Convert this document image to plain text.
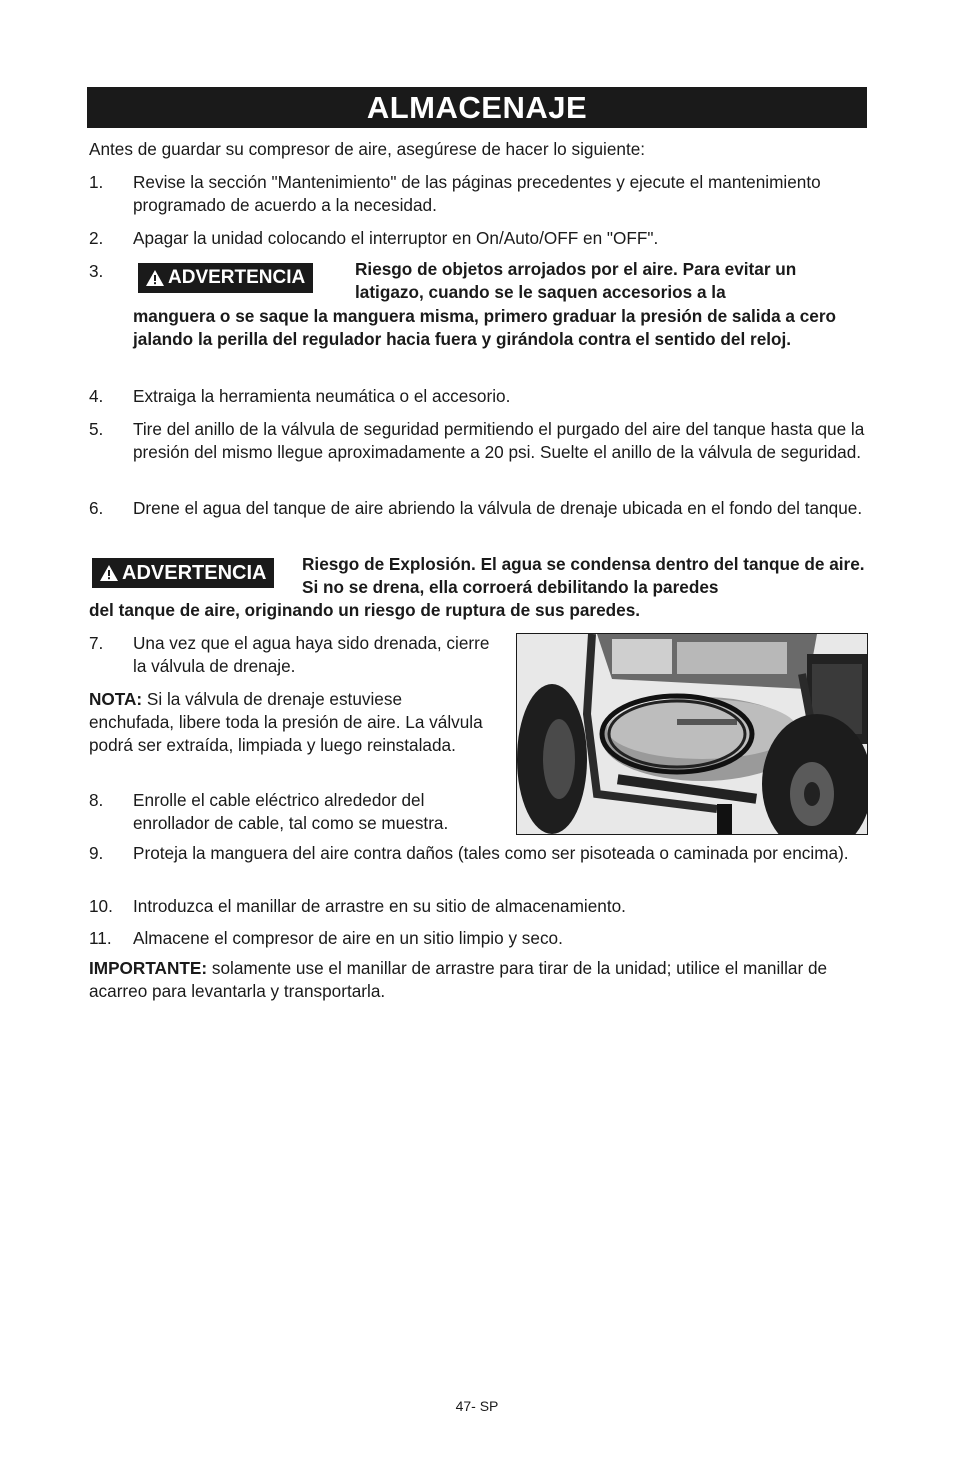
ALMACENAJE
Antes de guardar su compresor de aire, asegúrese de hacer lo siguiente:
1. Revise la sección "Mantenimiento" de las páginas precedentes y ejecute el mantenimiento programado de acuerdo a la necesidad.
2. Apagar la unidad colocando el interruptor en On/Auto/OFF en "OFF".
3.	ADVERTENCIA	Riesgo de objetos arrojados por el aire. Para evitar un latigazo, cuando se le saquen accesorios a la
manguera o se saque la manguera misma, primero graduar la presión de salida a cero jalando la perilla del regulador hacia fuera y girándola contra el sentido del reloj.
4. Extraiga la herramienta neumática o el accesorio.
5. Tire del anillo de la válvula de seguridad permitiendo el purgado del aire del tanque hasta que la presión del mismo llegue aproximadamente a 20 psi. Suelte el anillo de la válvula de seguridad.
6. Drene el agua del tanque de aire abriendo la válvula de drenaje ubicada en el fondo del tanque.
ADVERTENCIA Riesgo de Explosión. El agua se condensa dentro del tanque de aire. Si no se drena, ella corroerá debilitando la paredes
del tanque de aire, originando un riesgo de ruptura de sus paredes.
7. Una vez que el agua haya sido drenada, cierre la válvula de drenaje.
NOTA: Si la válvula de drenaje estuviese enchufada, libere toda la presión de aire. La válvula podrá ser extraída, limpiada y luego reinstalada.
8. Enrolle el cable eléctrico alrededor del enrollador de cable, tal como se muestra.
9. Proteja la manguera del aire contra daños (tales como ser pisoteada o caminada por encima).
10. Introduzca el manillar de arrastre en su sitio de almacenamiento.
11. Almacene el compresor de aire en un sitio limpio y seco.
IMPORTANTE: solamente use el manillar de arrastre para tirar de la unidad; utilice el manillar de acarreo para levantarla y transportarla.
47- SP
